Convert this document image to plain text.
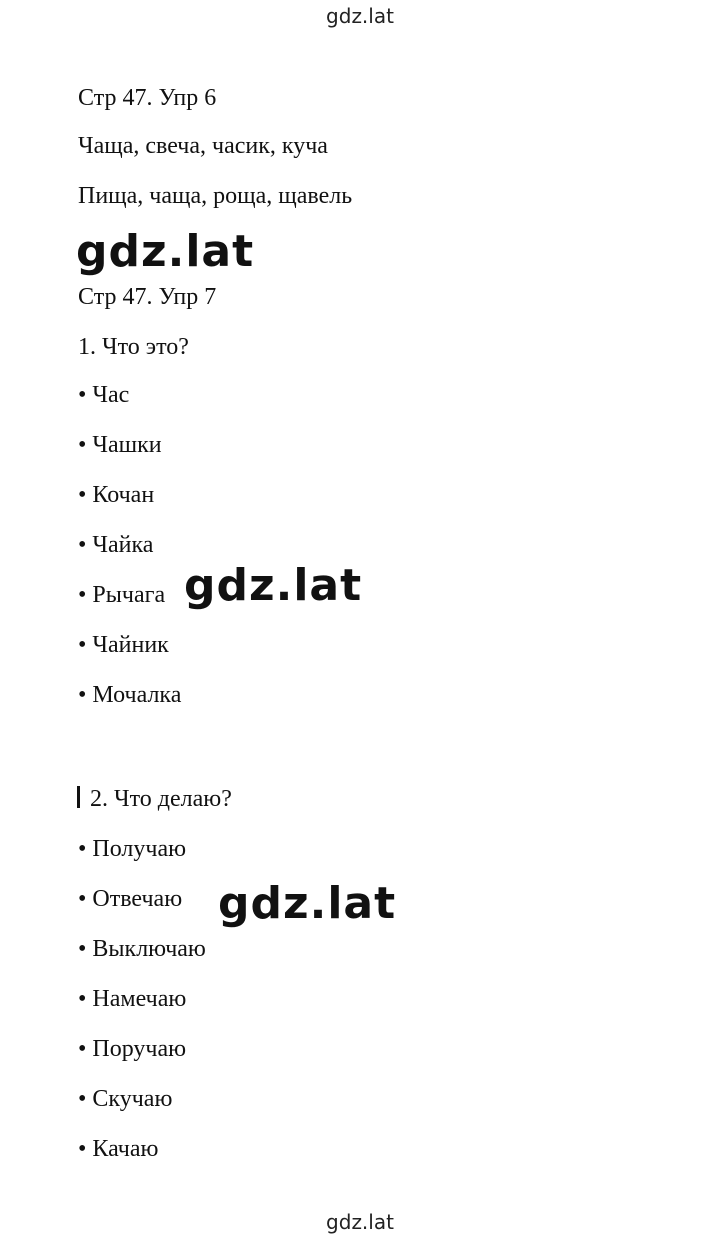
gdz.lat
Стр 47. Упр 6
Чаща, свеча, часик, куча
Пища, чаща, роща, щавель
gdz.lat
Стр 47. Упр 7
1. Что это?
• Час
• Чашки
• Кочан
• Чайка
• Рычага gdz.lat
• Чайник
• Мочалка
2. Что делаю?
• Получаю
• Отвечаю gdz.lat
• Выключаю
• Намечаю
• Поручаю
• Скучаю
• Качаю
gdz.lat
